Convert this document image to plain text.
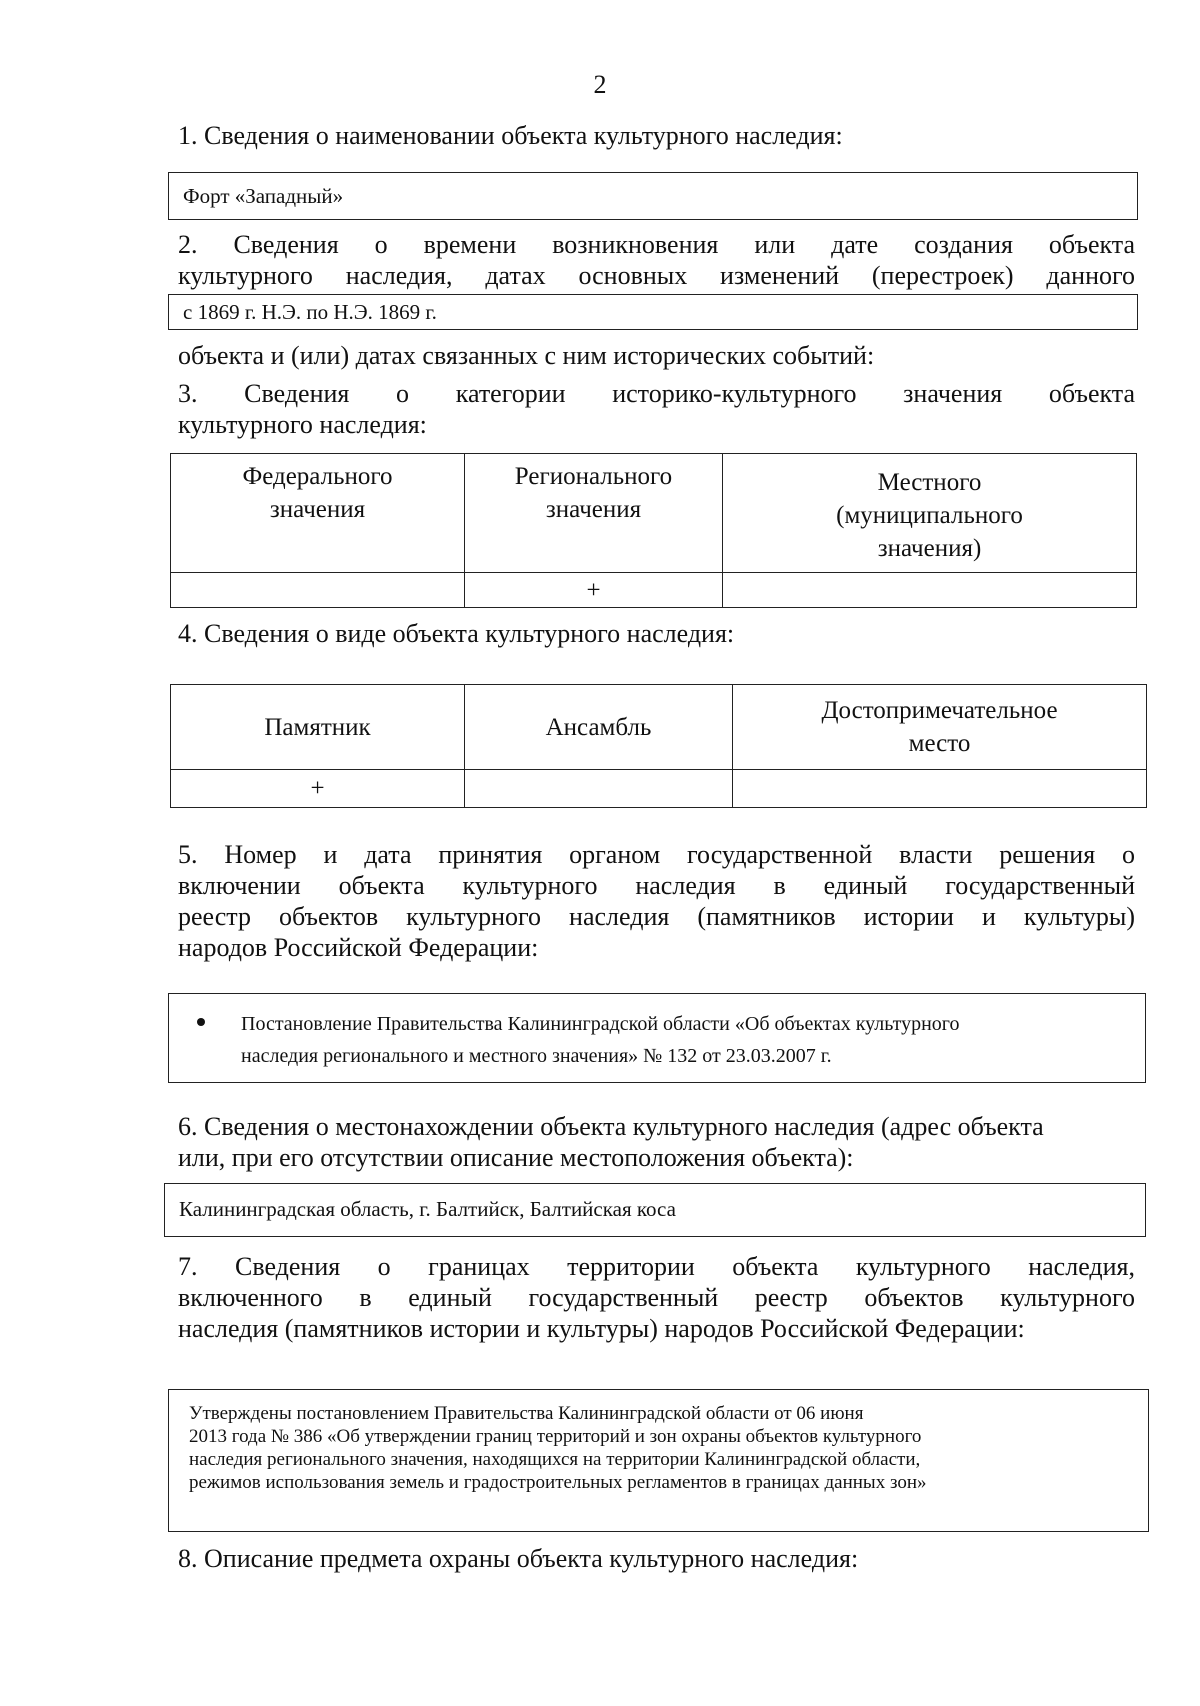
2
1. Сведения о наименовании объекта культурного наследия:
Форт «Западный»
2. Сведения о времени возникновения или дате создания объекта
культурного наследия, датах основных изменений (перестроек) данного
с 1869 г. Н.Э. по Н.Э. 1869 г.
объекта и (или) датах связанных с ним исторических событий:
3. Сведения о категории историко-культурного значения объекта
культурного наследия:
Федерального
значения	Регионального
значения	Местного
(муниципального
значения)

	+	
4. Сведения о виде объекта культурного наследия:
Памятник	Ансамбль	Достопримечательное
место

+		
5. Номер и дата принятия органом государственной власти решения о
включении объекта культурного наследия в единый государственный
реестр объектов культурного наследия (памятников истории и культуры)
народов Российской Федерации:
Постановление Правительства Калининградской области «Об объектах культурного
наследия регионального и местного значения» № 132 от 23.03.2007 г.
6. Сведения о местонахождении объекта культурного наследия (адрес объекта
или, при его отсутствии описание местоположения объекта):
Калининградская область, г. Балтийск, Балтийская коса
7. Сведения о границах территории объекта культурного наследия,
включенного в единый государственный реестр объектов культурного
наследия (памятников истории и культуры) народов Российской Федерации:
Утверждены постановлением Правительства Калининградской области от 06 июня
2013 года № 386 «Об утверждении границ территорий и зон охраны объектов культурного
наследия регионального значения, находящихся на территории Калининградской области,
режимов использования земель и градостроительных регламентов в границах данных зон»
8. Описание предмета охраны объекта культурного наследия:
